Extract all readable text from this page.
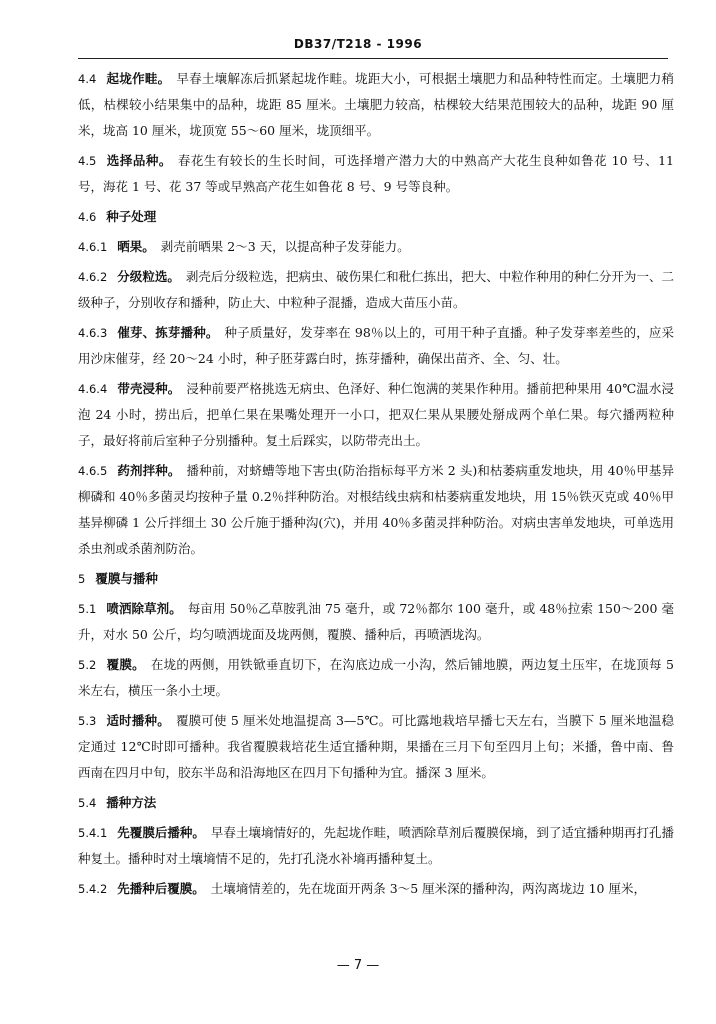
DB37/T218 - 1996

4.4 起垅作畦。 早春土壤解冻后抓紧起垅作畦。垅距大小，可根据土壤肥力和品种特性而定。土壤肥力稍低，枯棵较小结果集中的品种，垅距 85 厘米。土壤肥力较高，枯棵较大结果范围较大的品种，垅距 90 厘米，垅高 10 厘米，垅顶宽 55～60 厘米，垅顶细平。

4.5 选择品种。 春花生有较长的生长时间，可选择增产潜力大的中熟高产大花生良种如鲁花 10 号、11 号，海花 1 号、花 37 等或早熟高产花生如鲁花 8 号、9 号等良种。

4.6 种子处理

4.6.1 晒果。 剥壳前晒果 2～3 天，以提高种子发芽能力。

4.6.2 分级粒选。 剥壳后分级粒选，把病虫、破伤果仁和秕仁拣出，把大、中粒作种用的种仁分开为一、二级种子，分别收存和播种，防止大、中粒种子混播，造成大苗压小苗。

4.6.3 催芽、拣芽播种。 种子质量好，发芽率在 98％以上的，可用干种子直播。种子发芽率差些的，应采用沙床催芽，经 20～24 小时，种子胚芽露白时，拣芽播种，确保出苗齐、全、匀、壮。

4.6.4 带壳浸种。 浸种前要严格挑选无病虫、色泽好、种仁饱满的荚果作种用。播前把种果用 40℃温水浸泡 24 小时，捞出后，把单仁果在果嘴处理开一小口，把双仁果从果腰处掰成两个单仁果。每穴播两粒种子，最好将前后室种子分别播种。复土后踩实，以防带壳出土。

4.6.5 药剂拌种。 播种前，对蛴螬等地下害虫(防治指标每平方米 2 头)和枯萎病重发地块，用 40％甲基异柳磷和 40％多菌灵均按种子量 0.2％拌种防治。对根结线虫病和枯萎病重发地块，用 15％铁灭克或 40％甲基异柳磷 1 公斤拌细土 30 公斤施于播种沟(穴)，并用 40％多菌灵拌种防治。对病虫害单发地块，可单选用杀虫剂或杀菌剂防治。

5 覆膜与播种

5.1 喷洒除草剂。 每亩用 50％乙草胺乳油 75 毫升，或 72％都尔 100 毫升，或 48％拉索 150～200 毫升，对水 50 公斤，均匀喷洒垅面及垅两侧，覆膜、播种后，再喷洒垅沟。

5.2 覆膜。 在垅的两侧，用铁锨垂直切下，在沟底边成一小沟，然后铺地膜，两边复土压牢，在垅顶每 5 米左右，横压一条小土埂。

5.3 适时播种。 覆膜可使 5 厘米处地温提高 3—5℃。可比露地栽培早播七天左右，当膜下 5 厘米地温稳定通过 12℃时即可播种。我省覆膜栽培花生适宜播种期，果播在三月下旬至四月上旬；米播，鲁中南、鲁西南在四月中旬，胶东半岛和沿海地区在四月下旬播种为宜。播深 3 厘米。

5.4 播种方法

5.4.1 先覆膜后播种。 早春土壤墒情好的，先起垅作畦，喷洒除草剂后覆膜保墒，到了适宜播种期再打孔播种复土。播种时对土壤墒情不足的，先打孔浇水补墒再播种复土。

5.4.2 先播种后覆膜。 土壤墒情差的，先在垅面开两条 3～5 厘米深的播种沟，两沟离垅边 10 厘米，

— 7 —
